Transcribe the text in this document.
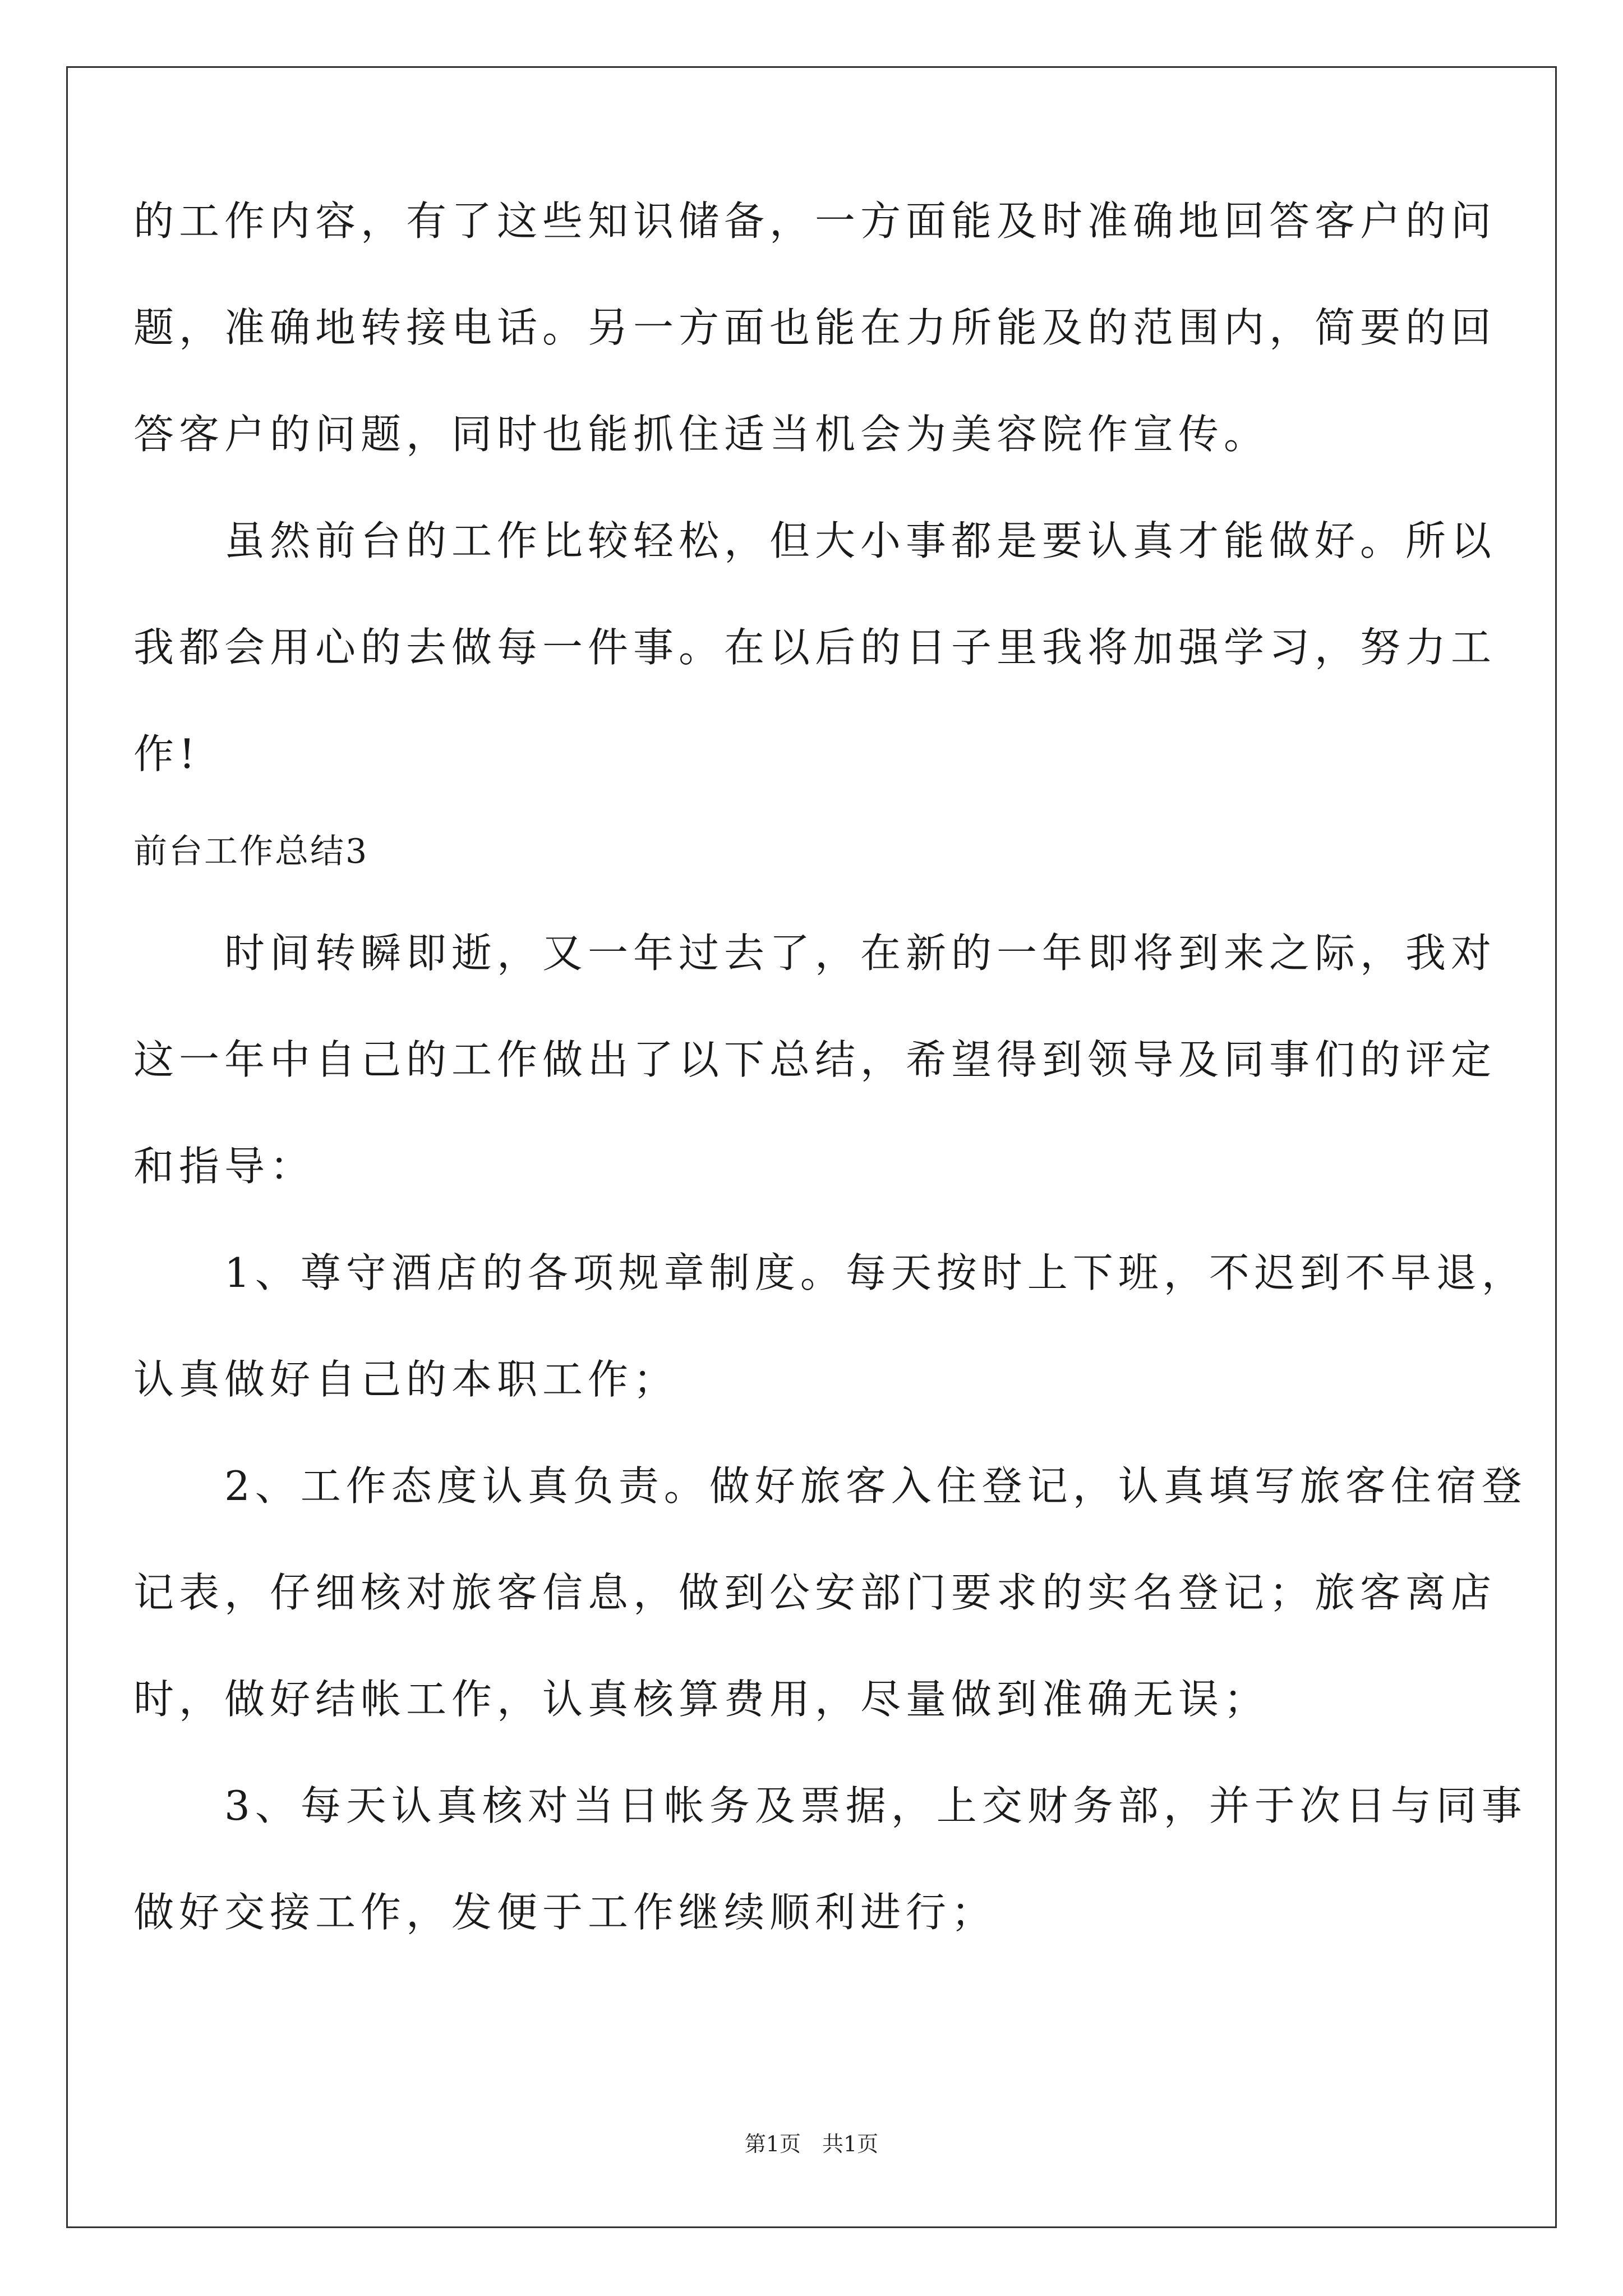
的工作内容，有了这些知识储备，一方面能及时准确地回答客户的问
题，准确地转接电话。另一方面也能在力所能及的范围内，简要的回
答客户的问题，同时也能抓住适当机会为美容院作宣传。
　　虽然前台的工作比较轻松，但大小事都是要认真才能做好。所以
我都会用心的去做每一件事。在以后的日子里我将加强学习，努力工
作!
前台工作总结3
　　时间转瞬即逝，又一年过去了，在新的一年即将到来之际，我对
这一年中自己的工作做出了以下总结，希望得到领导及同事们的评定
和指导：
　　1、尊守酒店的各项规章制度。每天按时上下班，不迟到不早退，
认真做好自己的本职工作；
　　2、工作态度认真负责。做好旅客入住登记，认真填写旅客住宿登
记表，仔细核对旅客信息，做到公安部门要求的实名登记；旅客离店
时，做好结帐工作，认真核算费用，尽量做到准确无误；
　　3、每天认真核对当日帐务及票据，上交财务部，并于次日与同事
做好交接工作，发便于工作继续顺利进行；
第1页　共1页
